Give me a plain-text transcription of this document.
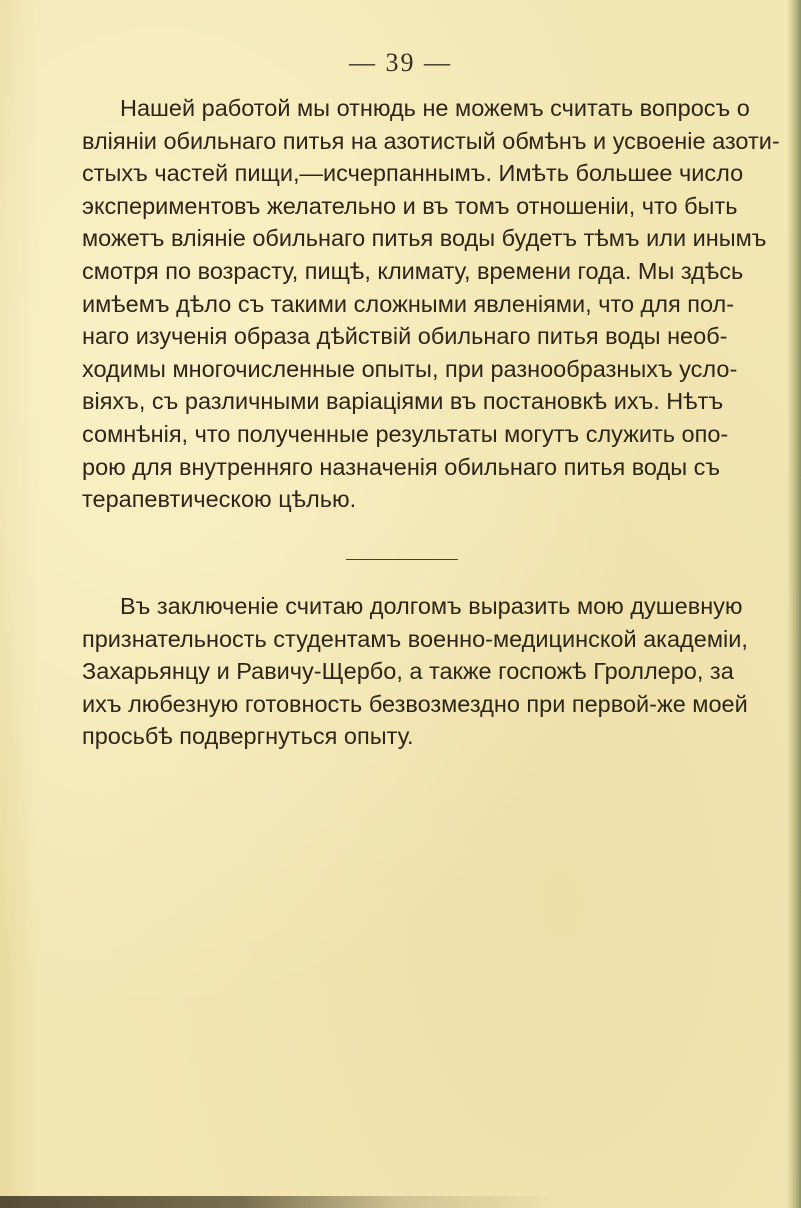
— 39 —
Нашей работой мы отнюдь не можемъ считать вопросъ о
вліяніи обильнаго питья на азотистый обмѣнъ и усвоеніе азоти-
стыхъ частей пищи,—исчерпаннымъ. Имѣть большее число
экспериментовъ желательно и въ томъ отношеніи, что быть
можетъ вліяніе обильнаго питья воды будетъ тѣмъ или инымъ
смотря по возрасту, пищѣ, климату, времени года. Мы здѣсь
имѣемъ дѣло съ такими сложными явленіями, что для пол-
наго изученія образа дѣйствій обильнаго питья воды необ-
ходимы многочисленные опыты, при разнообразныхъ усло-
віяхъ, съ различными варіаціями въ постановкѣ ихъ. Нѣтъ
сомнѣнія, что полученные результаты могутъ служить опо-
рою для внутренняго назначенія обильнаго питья воды съ
терапевтическою цѣлью.
Въ заключеніе считаю долгомъ выразить мою душевную
признательность студентамъ военно-медицинской академіи,
Захарьянцу и Равичу-Щербо, а также госпожѣ Гроллеро, за
ихъ любезную готовность безвозмездно при первой-же моей
просьбѣ подвергнуться опыту.
